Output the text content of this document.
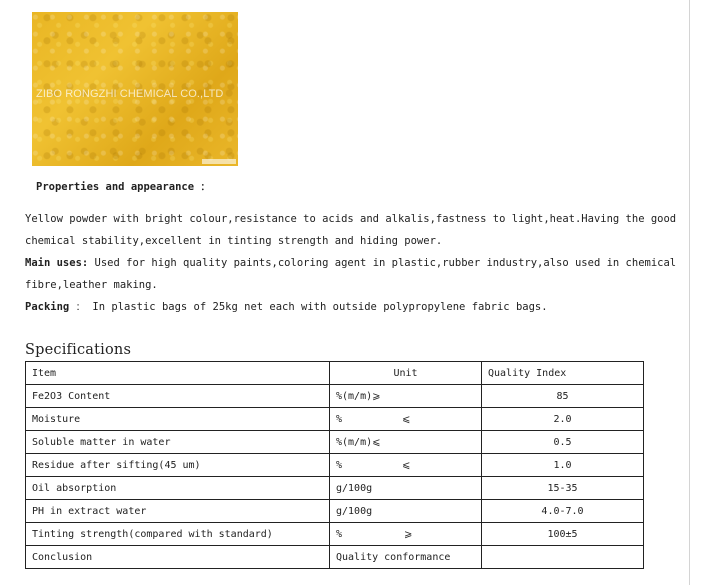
ZIBO RONGZHI CHEMICAL CO.,LTD
Properties and appearance ：
Yellow powder with bright colour,resistance to acids and alkalis,fastness to light,heat.Having the good
chemical stability,excellent in tinting strength and hiding power.
Main uses: Used for high quality paints,coloring agent in plastic,rubber industry,also used in chemical
fibre,leather making.
Packing ： In plastic bags of 25kg net each with outside polypropylene fabric bags.
Specifications
Item	Unit	Quality Index
Fe2O3 Content	%(m/m)⩾	85
Moisture	% ⩽	2.0
Soluble matter in water	%(m/m)⩽	0.5
Residue after sifting(45 um)	% ⩽	1.0
Oil absorption	g/100g	15-35
PH in extract water	g/100g	4.0-7.0
Tinting strength(compared with standard)	% ⩾	100±5
Conclusion	Quality conformance	
